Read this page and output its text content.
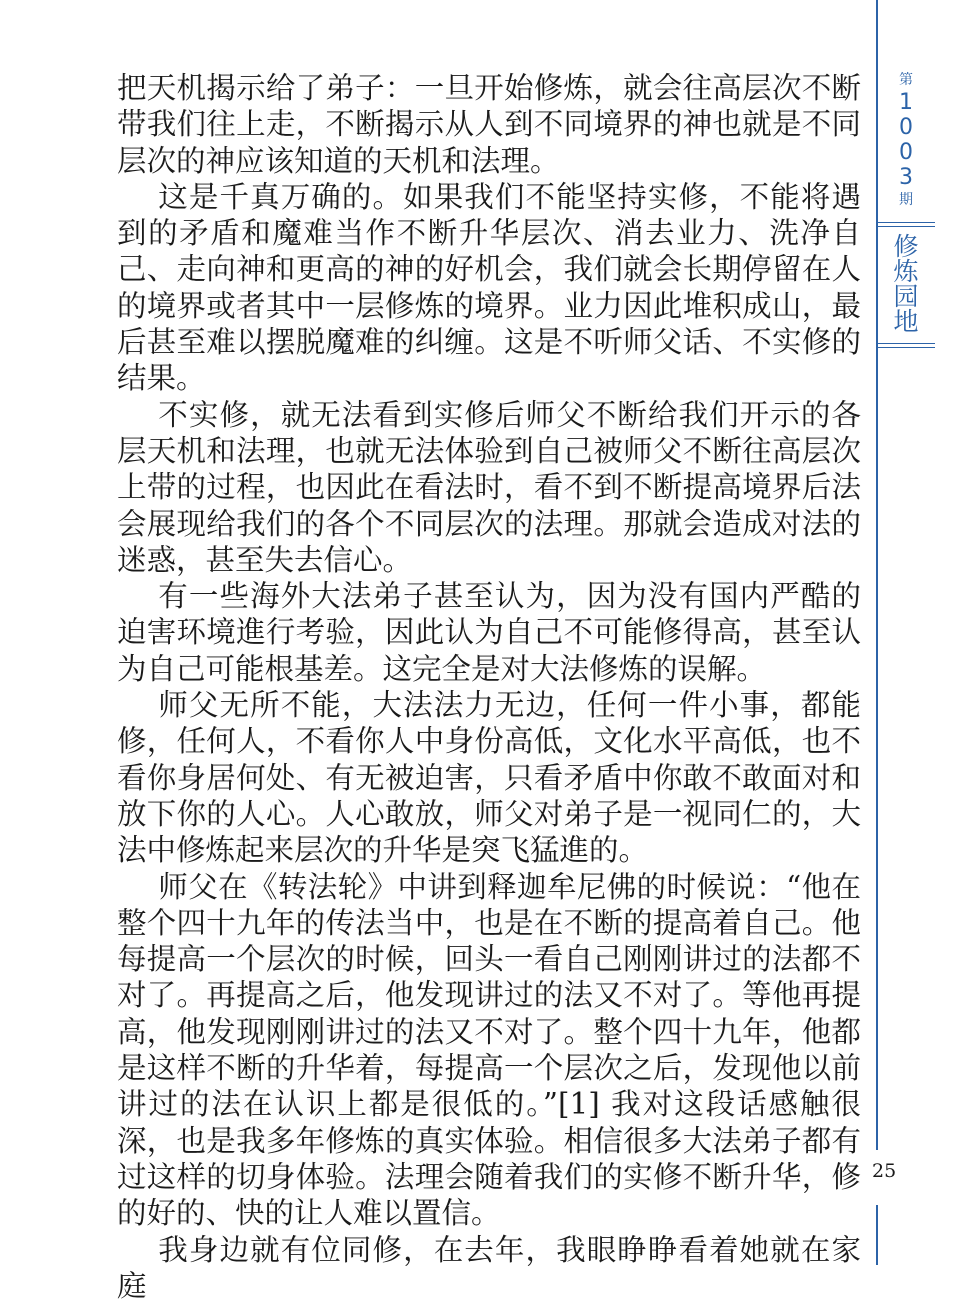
第
1
0
0
3
期
修
炼
园
地

把天机揭示给了弟子：一旦开始修炼，就会往高层次不断带我们往上走，不断揭示从人到不同境界的神也就是不同层次的神应该知道的天机和法理。

这是千真万确的。如果我们不能坚持实修，不能将遇到的矛盾和魔难当作不断升华层次、消去业力、洗净自己、走向神和更高的神的好机会，我们就会长期停留在人的境界或者其中一层修炼的境界。业力因此堆积成山，最后甚至难以摆脱魔难的纠缠。这是不听师父话、不实修的结果。

不实修，就无法看到实修后师父不断给我们开示的各层天机和法理，也就无法体验到自己被师父不断往高层次上带的过程，也因此在看法时，看不到不断提高境界后法会展现给我们的各个不同层次的法理。那就会造成对法的迷惑，甚至失去信心。

有一些海外大法弟子甚至认为，因为没有国内严酷的迫害环境進行考验，因此认为自己不可能修得高，甚至认为自己可能根基差。这完全是对大法修炼的误解。

师父无所不能，大法法力无边，任何一件小事，都能修，任何人，不看你人中身份高低，文化水平高低，也不看你身居何处、有无被迫害，只看矛盾中你敢不敢面对和放下你的人心。人心敢放，师父对弟子是一视同仁的，大法中修炼起来层次的升华是突飞猛進的。

师父在《转法轮》中讲到释迦牟尼佛的时候说：“他在整个四十九年的传法当中，也是在不断的提高着自己。他每提高一个层次的时候，回头一看自己刚刚讲过的法都不对了。再提高之后，他发现讲过的法又不对了。等他再提高，他发现刚刚讲过的法又不对了。整个四十九年，他都是这样不断的升华着，每提高一个层次之后，发现他以前讲过的法在认识上都是很低的。”[1] 我对这段话感触很深，也是我多年修炼的真实体验。相信很多大法弟子都有过这样的切身体验。法理会随着我们的实修不断升华，修的好的、快的让人难以置信。

我身边就有位同修，在去年，我眼睁睁看着她就在家庭

25
